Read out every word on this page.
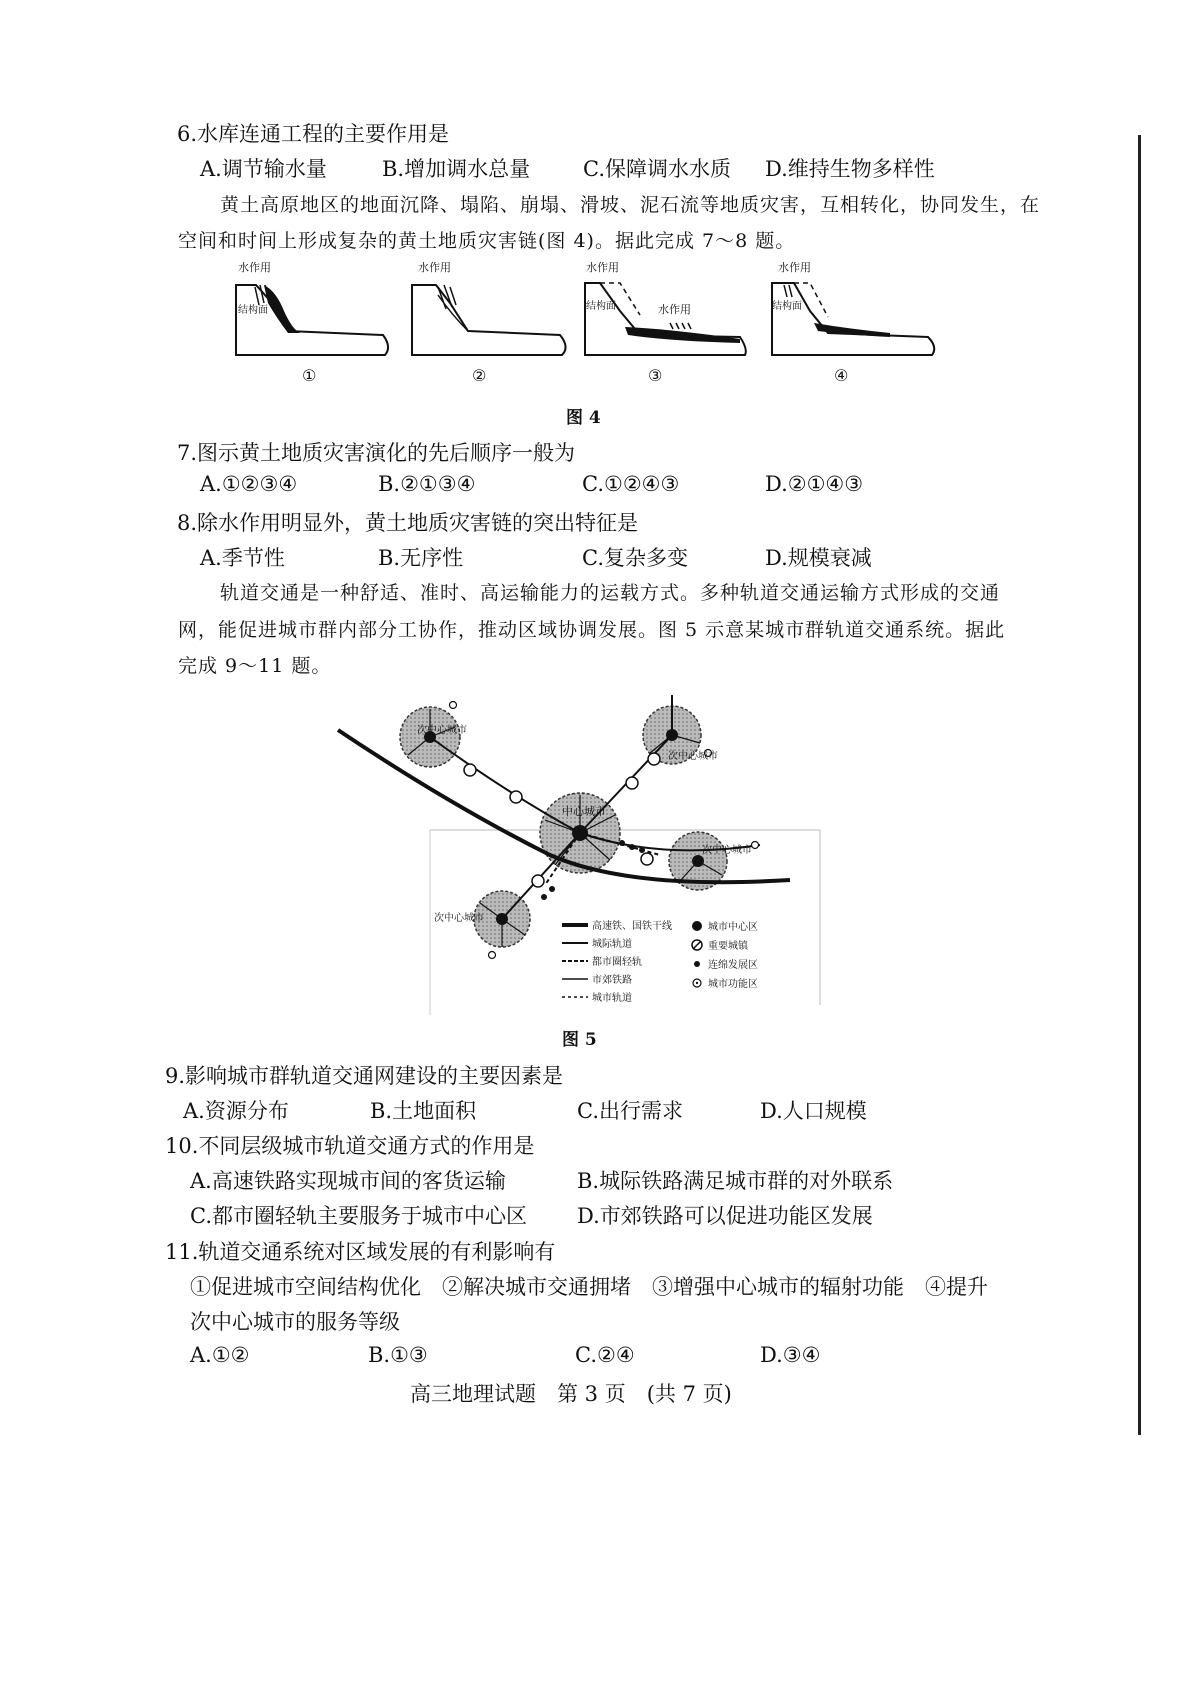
6.水库连通工程的主要作用是
A.调节输水量	B.增加调水总量	C.保障调水水质 D.维持生物多样性
黄土高原地区的地面沉降、塌陷、崩塌、滑坡、泥石流等地质灾害，互相转化，协同发生，在
空间和时间上形成复杂的黄土地质灾害链(图 4)。据此完成 7～8 题。
水作用
结构面
①
水作用
②
水作用
结构面	水作用
③
水作用
结构面
④
图 4
7.图示黄土地质灾害演化的先后顺序一般为
A.①②③④	B.②①③④	C.①②④③	D.②①④③
8.除水作用明显外，黄土地质灾害链的突出特征是
A.季节性	B.无序性	C.复杂多变	D.规模衰减
轨道交通是一种舒适、准时、高运输能力的运载方式。多种轨道交通运输方式形成的交通
网，能促进城市群内部分工协作，推动区域协调发展。图 5 示意某城市群轨道交通系统。据此
完成 9～11 题。
次中心城市
次中心城市
中心城市
次中心城市
次中心城市
高速铁、国铁干线
城际轨道
都市圈轻轨
市郊铁路
城市轨道
城市中心区
重要城镇
连绵发展区
城市功能区
图 5
9.影响城市群轨道交通网建设的主要因素是
A.资源分布	B.土地面积	C.出行需求	D.人口规模
10.不同层级城市轨道交通方式的作用是
A.高速铁路实现城市间的客货运输	B.城际铁路满足城市群的对外联系
C.都市圈轻轨主要服务于城市中心区 D.市郊铁路可以促进功能区发展
11.轨道交通系统对区域发展的有利影响有
①促进城市空间结构优化　②解决城市交通拥堵　③增强中心城市的辐射功能　④提升
次中心城市的服务等级
A.①②	B.①③	C.②④	D.③④
高三地理试题　第 3 页　(共 7 页)
